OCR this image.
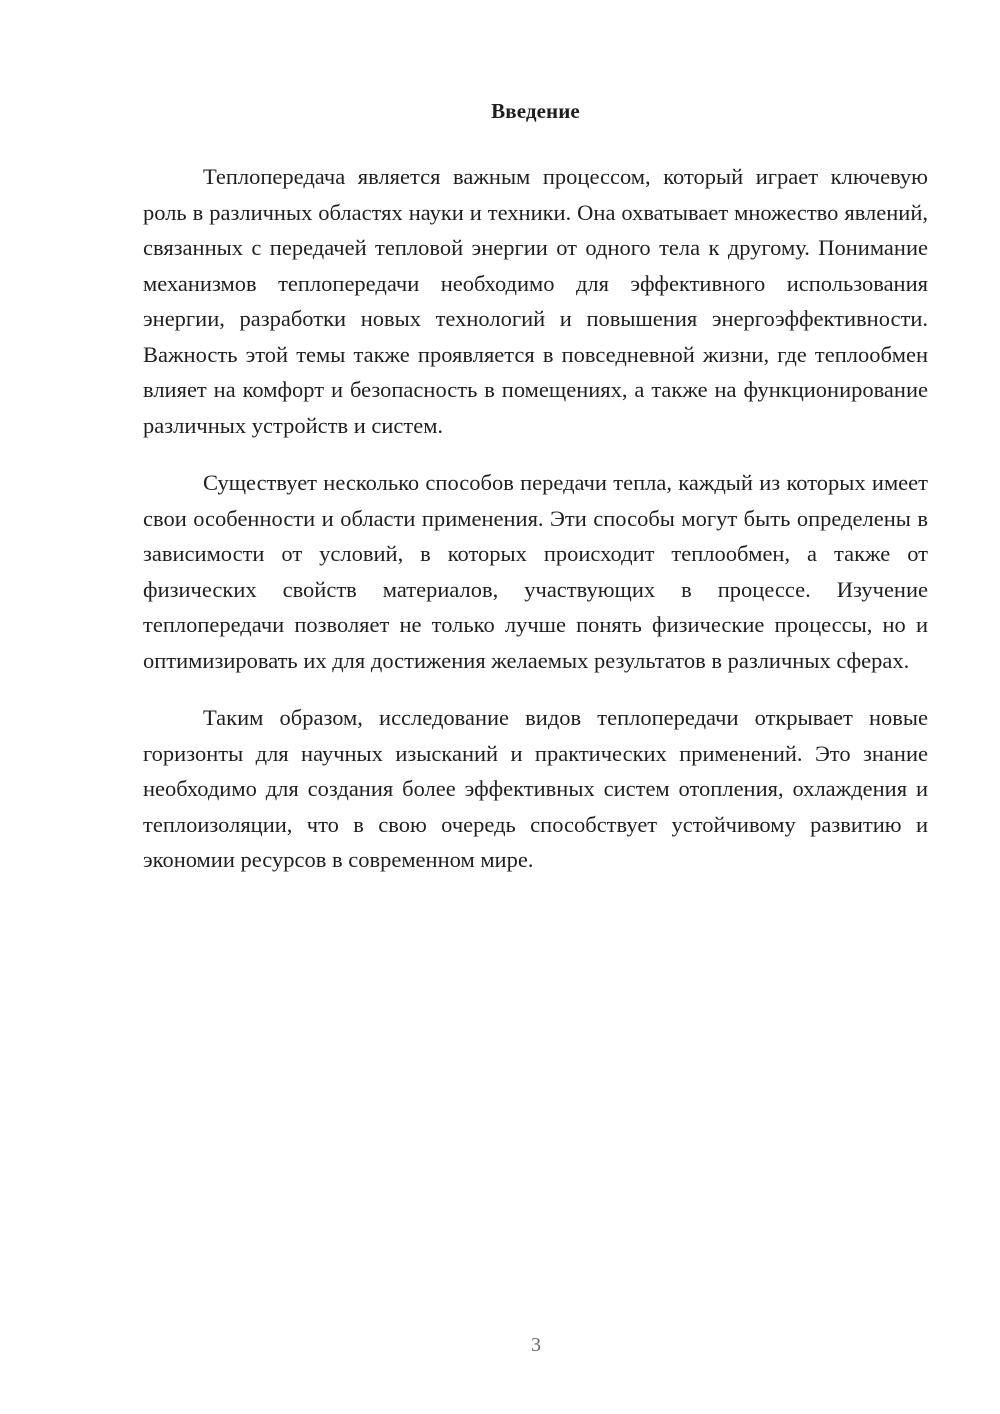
Введение

Теплопередача является важным процессом, который играет ключевую роль в различных областях науки и техники. Она охватывает множество явлений, связанных с передачей тепловой энергии от одного тела к другому. Понимание механизмов теплопередачи необходимо для эффективного использования энергии, разработки новых технологий и повышения энергоэффективности. Важность этой темы также проявляется в повседневной жизни, где теплообмен влияет на комфорт и безопасность в помещениях, а также на функционирование различных устройств и систем.

Существует несколько способов передачи тепла, каждый из которых имеет свои особенности и области применения. Эти способы могут быть определены в зависимости от условий, в которых происходит теплообмен, а также от физических свойств материалов, участвующих в процессе. Изучение теплопередачи позволяет не только лучше понять физические процессы, но и оптимизировать их для достижения желаемых результатов в различных сферах.

Таким образом, исследование видов теплопередачи открывает новые горизонты для научных изысканий и практических применений. Это знание необходимо для создания более эффективных систем отопления, охлаждения и теплоизоляции, что в свою очередь способствует устойчивому развитию и экономии ресурсов в современном мире.

3
